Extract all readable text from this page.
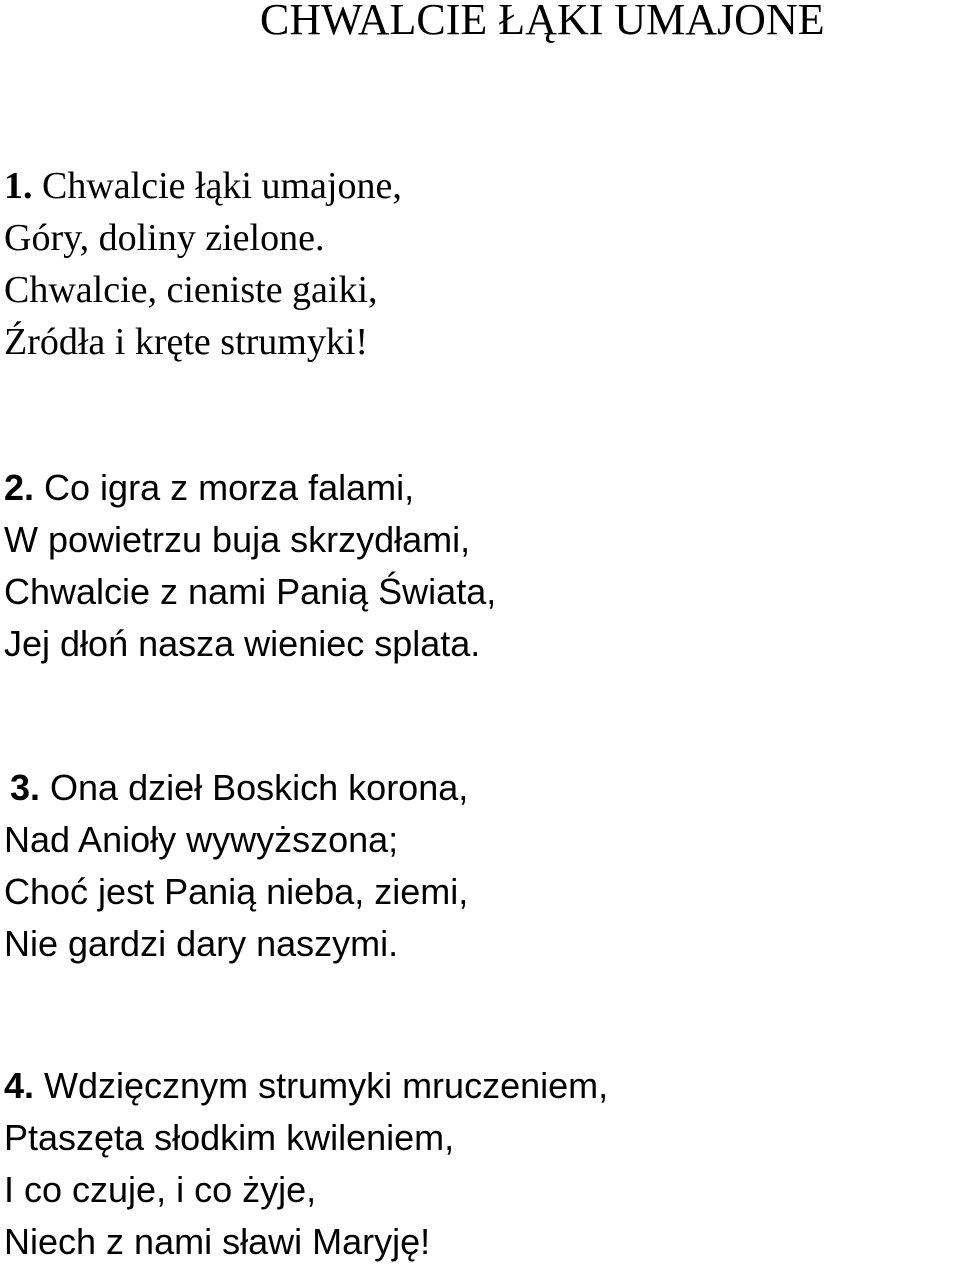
CHWALCIE ŁĄKI UMAJONE
1. Chwalcie łąki umajone,
Góry, doliny zielone.
Chwalcie, cieniste gaiki,
Źródła i kręte strumyki!
2. Co igra z morza falami,
W powietrzu buja skrzydłami,
Chwalcie z nami Panią Świata,
Jej dłoń nasza wieniec splata.
3. Ona dzieł Boskich korona,
Nad Anioły wywyższona;
Choć jest Panią nieba, ziemi,
Nie gardzi dary naszymi.
4. Wdzięcznym strumyki mruczeniem,
Ptaszęta słodkim kwileniem,
I co czuje, i co żyje,
Niech z nami sławi Maryję!
